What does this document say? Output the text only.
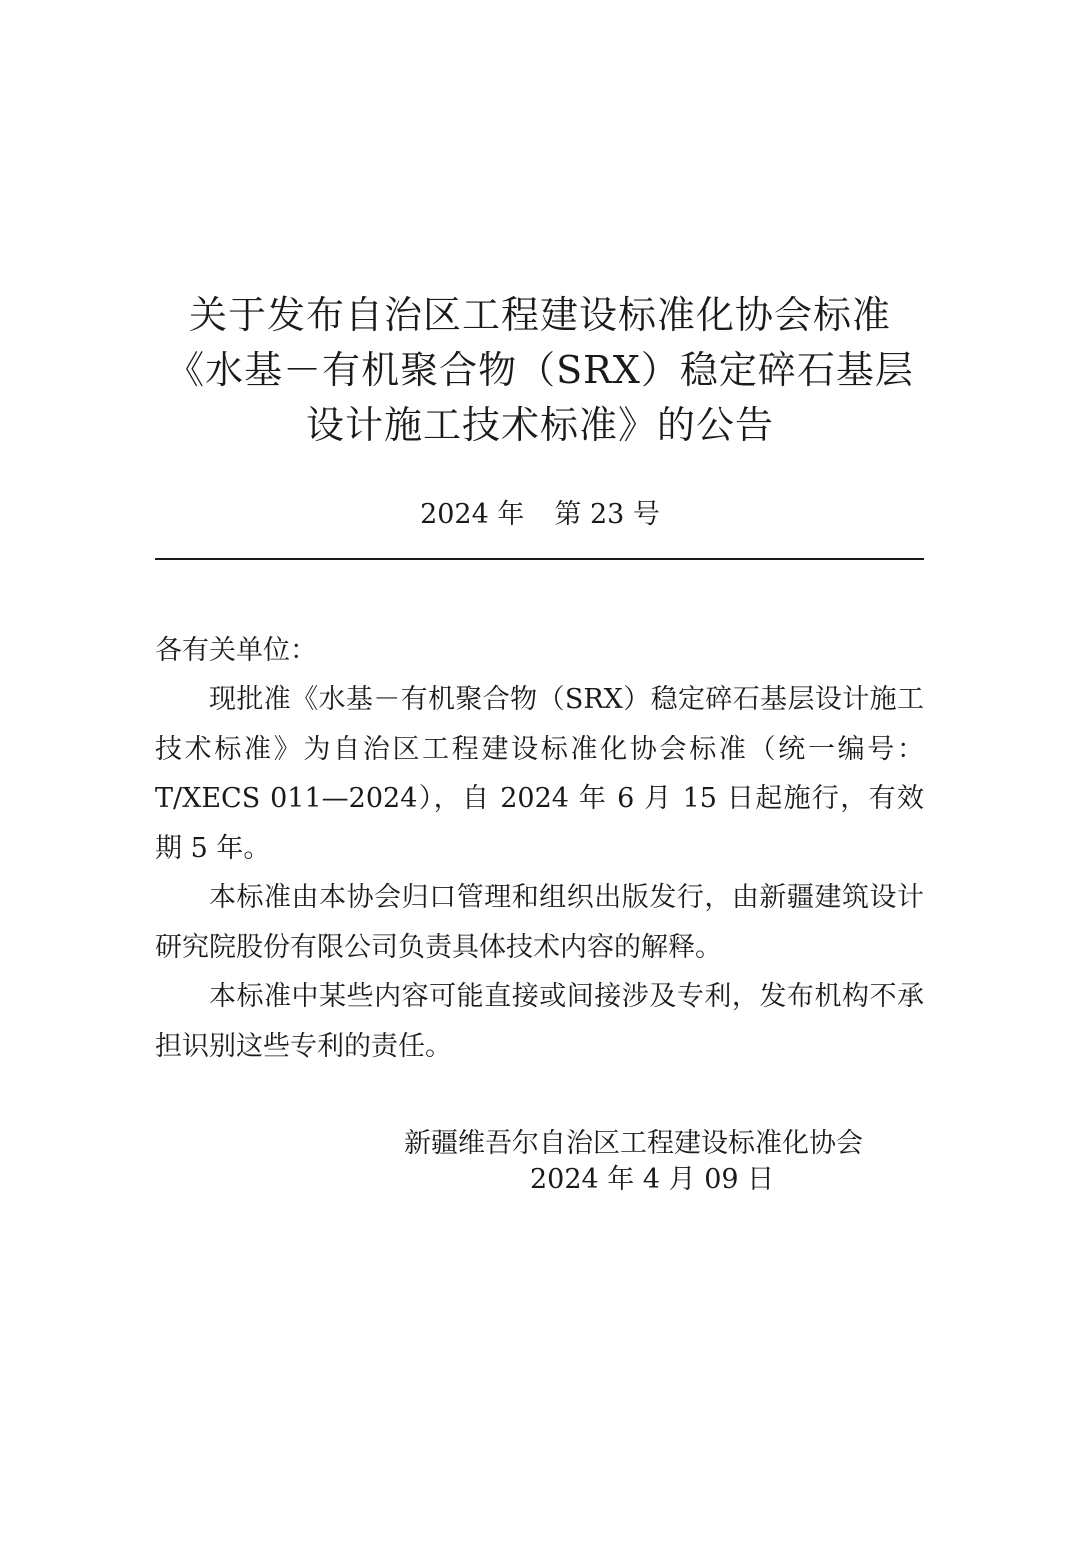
关于发布自治区工程建设标准化协会标准
《水基－有机聚合物（SRX）稳定碎石基层
设计施工技术标准》的公告
2024 年 第 23 号
各有关单位：

现批准《水基－有机聚合物（SRX）稳定碎石基层设计施工技术标准》为自治区工程建设标准化协会标准（统一编号：T/XECS 011—2024），自 2024 年 6 月 15 日起施行，有效期 5 年。

本标准由本协会归口管理和组织出版发行，由新疆建筑设计研究院股份有限公司负责具体技术内容的解释。

本标准中某些内容可能直接或间接涉及专利，发布机构不承担识别这些专利的责任。

新疆维吾尔自治区工程建设标准化协会
2024 年 4 月 09 日
